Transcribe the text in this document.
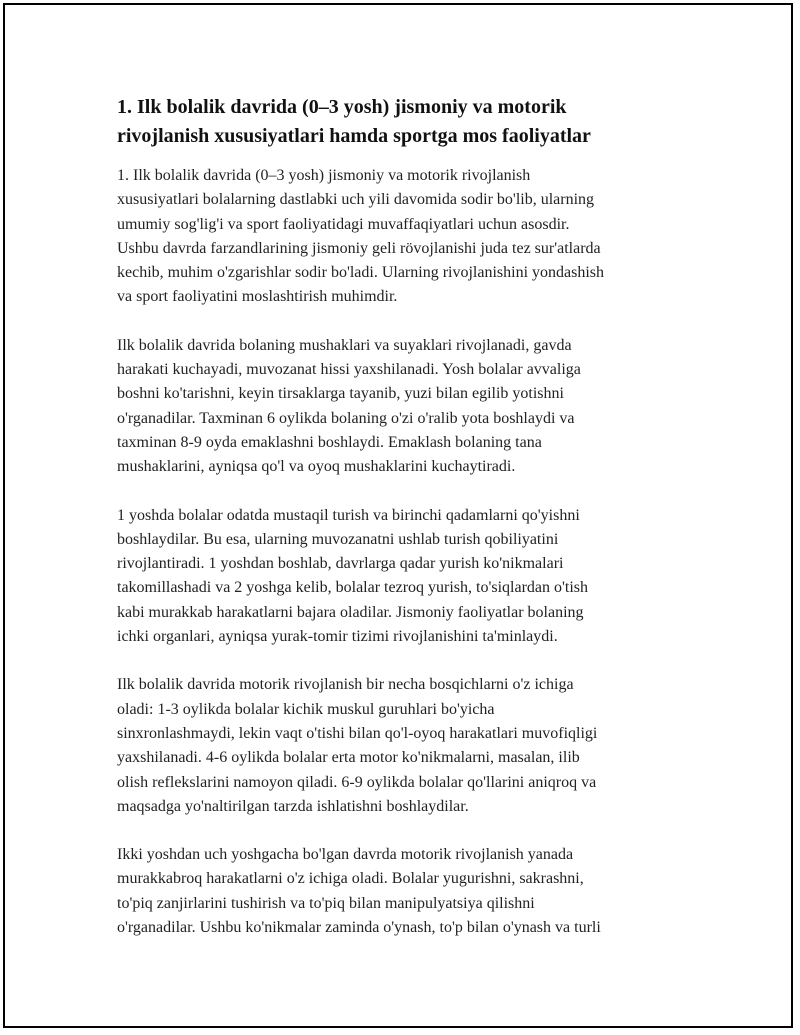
1. Ilk bolalik davrida (0–3 yosh) jismoniy va motorik
rivojlanish xususiyatlari hamda sportga mos faoliyatlar

1. Ilk bolalik davrida (0–3 yosh) jismoniy va motorik rivojlanish
xususiyatlari bolalarning dastlabki uch yili davomida sodir bo'lib, ularning
umumiy sog'lig'i va sport faoliyatidagi muvaffaqiyatlari uchun asosdir.
Ushbu davrda farzandlarining jismoniy geli rövojlanishi juda tez sur'atlarda
kechib, muhim o'zgarishlar sodir bo'ladi. Ularning rivojlanishini yondashish
va sport faoliyatini moslashtirish muhimdir.

Ilk bolalik davrida bolaning mushaklari va suyaklari rivojlanadi, gavda
harakati kuchayadi, muvozanat hissi yaxshilanadi. Yosh bolalar avvaliga
boshni ko'tarishni, keyin tirsaklarga tayanib, yuzi bilan egilib yotishni
o'rganadilar. Taxminan 6 oylikda bolaning o'zi o'ralib yota boshlaydi va
taxminan 8-9 oyda emaklashni boshlaydi. Emaklash bolaning tana
mushaklarini, ayniqsa qo'l va oyoq mushaklarini kuchaytiradi.

1 yoshda bolalar odatda mustaqil turish va birinchi qadamlarni qo'yishni
boshlaydilar. Bu esa, ularning muvozanatni ushlab turish qobiliyatini
rivojlantiradi. 1 yoshdan boshlab, davrlarga qadar yurish ko'nikmalari
takomillashadi va 2 yoshga kelib, bolalar tezroq yurish, to'siqlardan o'tish
kabi murakkab harakatlarni bajara oladilar. Jismoniy faoliyatlar bolaning
ichki organlari, ayniqsa yurak-tomir tizimi rivojlanishini ta'minlaydi.

Ilk bolalik davrida motorik rivojlanish bir necha bosqichlarni o'z ichiga
oladi: 1-3 oylikda bolalar kichik muskul guruhlari bo'yicha
sinxronlashmaydi, lekin vaqt o'tishi bilan qo'l-oyoq harakatlari muvofiqligi
yaxshilanadi. 4-6 oylikda bolalar erta motor ko'nikmalarni, masalan, ilib
olish reflekslarini namoyon qiladi. 6-9 oylikda bolalar qo'llarini aniqroq va
maqsadga yo'naltirilgan tarzda ishlatishni boshlaydilar.

Ikki yoshdan uch yoshgacha bo'lgan davrda motorik rivojlanish yanada
murakkabroq harakatlarni o'z ichiga oladi. Bolalar yugurishni, sakrashni,
to'piq zanjirlarini tushirish va to'piq bilan manipulyatsiya qilishni
o'rganadilar. Ushbu ko'nikmalar zaminda o'ynash, to'p bilan o'ynash va turli
